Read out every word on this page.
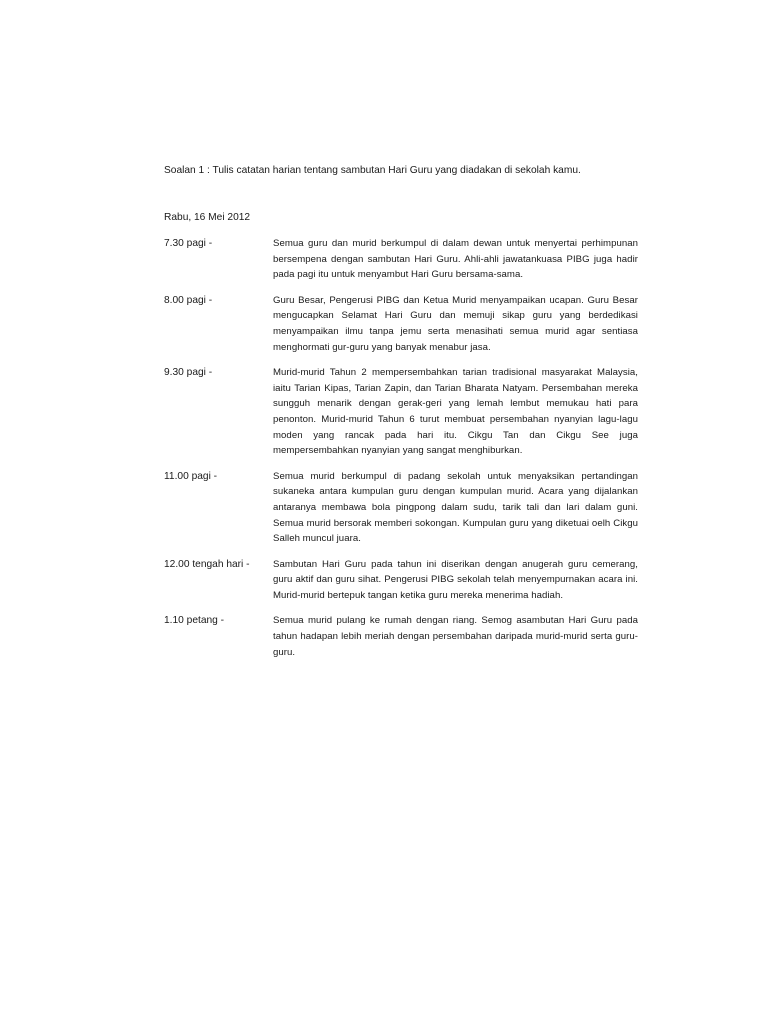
Soalan 1 : Tulis catatan harian tentang sambutan Hari Guru yang diadakan di sekolah kamu.

Rabu, 16 Mei 2012

7.30 pagi -	Semua guru dan murid berkumpul di dalam dewan untuk menyertai perhimpunan bersempena dengan sambutan Hari Guru. Ahli-ahli jawatankuasa PIBG juga hadir pada pagi itu untuk menyambut Hari Guru bersama-sama.
8.00 pagi -	Guru Besar, Pengerusi PIBG dan Ketua Murid menyampaikan ucapan. Guru Besar mengucapkan Selamat Hari Guru dan memuji sikap guru yang berdedikasi menyampaikan ilmu tanpa jemu serta menasihati semua murid agar sentiasa menghormati gur-guru yang banyak menabur jasa.
9.30 pagi -	Murid-murid Tahun 2 mempersembahkan tarian tradisional masyarakat Malaysia, iaitu Tarian Kipas, Tarian Zapin, dan Tarian Bharata Natyam. Persembahan mereka sungguh menarik dengan gerak-geri yang lemah lembut memukau hati para penonton. Murid-murid Tahun 6 turut membuat persembahan nyanyian lagu-lagu moden yang rancak pada hari itu. Cikgu Tan dan Cikgu See juga mempersembahkan nyanyian yang sangat menghiburkan.
11.00 pagi -	Semua murid berkumpul di padang sekolah untuk menyaksikan pertandingan sukaneka antara kumpulan guru dengan kumpulan murid. Acara yang dijalankan antaranya membawa bola pingpong dalam sudu, tarik tali dan lari dalam guni. Semua murid bersorak memberi sokongan. Kumpulan guru yang diketuai oelh Cikgu Salleh muncul juara.
12.00 tengah hari -	Sambutan Hari Guru pada tahun ini diserikan dengan anugerah guru cemerang, guru aktif dan guru sihat. Pengerusi PIBG sekolah telah menyempurnakan acara ini. Murid-murid bertepuk tangan ketika guru mereka menerima hadiah.
1.10 petang -	Semua murid pulang ke rumah dengan riang. Semog asambutan Hari Guru pada tahun hadapan lebih meriah dengan persembahan daripada murid-murid serta guru-guru.
